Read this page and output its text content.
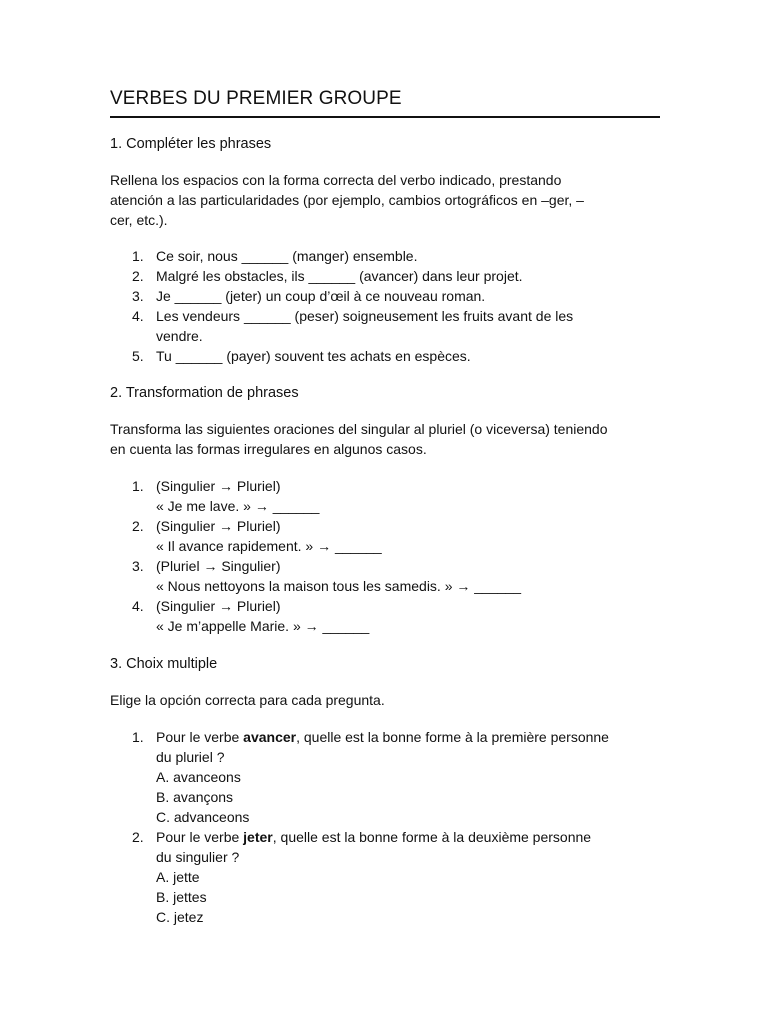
VERBES DU PREMIER GROUPE

1. Compléter les phrases

Rellena los espacios con la forma correcta del verbo indicado, prestando
atención a las particularidades (por ejemplo, cambios ortográficos en –ger, –
cer, etc.).

1. Ce soir, nous ______ (manger) ensemble.
2. Malgré les obstacles, ils ______ (avancer) dans leur projet.
3. Je ______ (jeter) un coup d’œil à ce nouveau roman.
4. Les vendeurs ______ (peser) soigneusement les fruits avant de les
vendre.
5. Tu ______ (payer) souvent tes achats en espèces.

2. Transformation de phrases

Transforma las siguientes oraciones del singular al pluriel (o viceversa) teniendo
en cuenta las formas irregulares en algunos casos.

1. (Singulier → Pluriel)
« Je me lave. » → ______
2. (Singulier → Pluriel)
« Il avance rapidement. » → ______
3. (Pluriel → Singulier)
« Nous nettoyons la maison tous les samedis. » → ______
4. (Singulier → Pluriel)
« Je m’appelle Marie. » → ______

3. Choix multiple

Elige la opción correcta para cada pregunta.

1. Pour le verbe avancer, quelle est la bonne forme à la première personne
du pluriel ?
A. avanceons
B. avançons
C. advanceons
2. Pour le verbe jeter, quelle est la bonne forme à la deuxième personne
du singulier ?
A. jette
B. jettes
C. jetez
